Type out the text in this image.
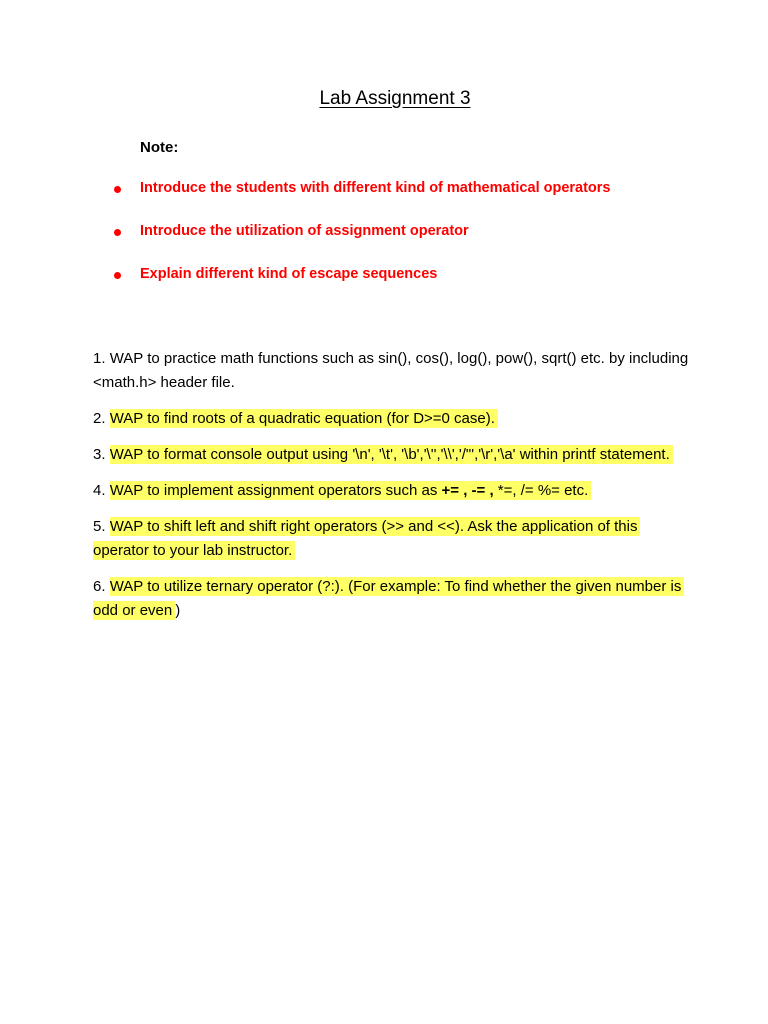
Lab Assignment 3
Note:
Introduce the students with different kind of mathematical operators
Introduce the utilization of assignment operator
Explain different kind of escape sequences
1. WAP to practice math functions such as sin(), cos(), log(), pow(), sqrt() etc. by including <math.h> header file.
2. WAP to find roots of a quadratic equation (for D>=0 case).
3. WAP to format console output using '\n', '\t', '\b','\'','\\','/"','\r','\a' within printf statement.
4. WAP to implement assignment operators such as += , -= , *=, /= %= etc.
5. WAP to shift left and shift right operators (>> and <<). Ask the application of this operator to your lab instructor.
6. WAP to utilize ternary operator (?:). (For example: To find whether the given number is odd or even )
